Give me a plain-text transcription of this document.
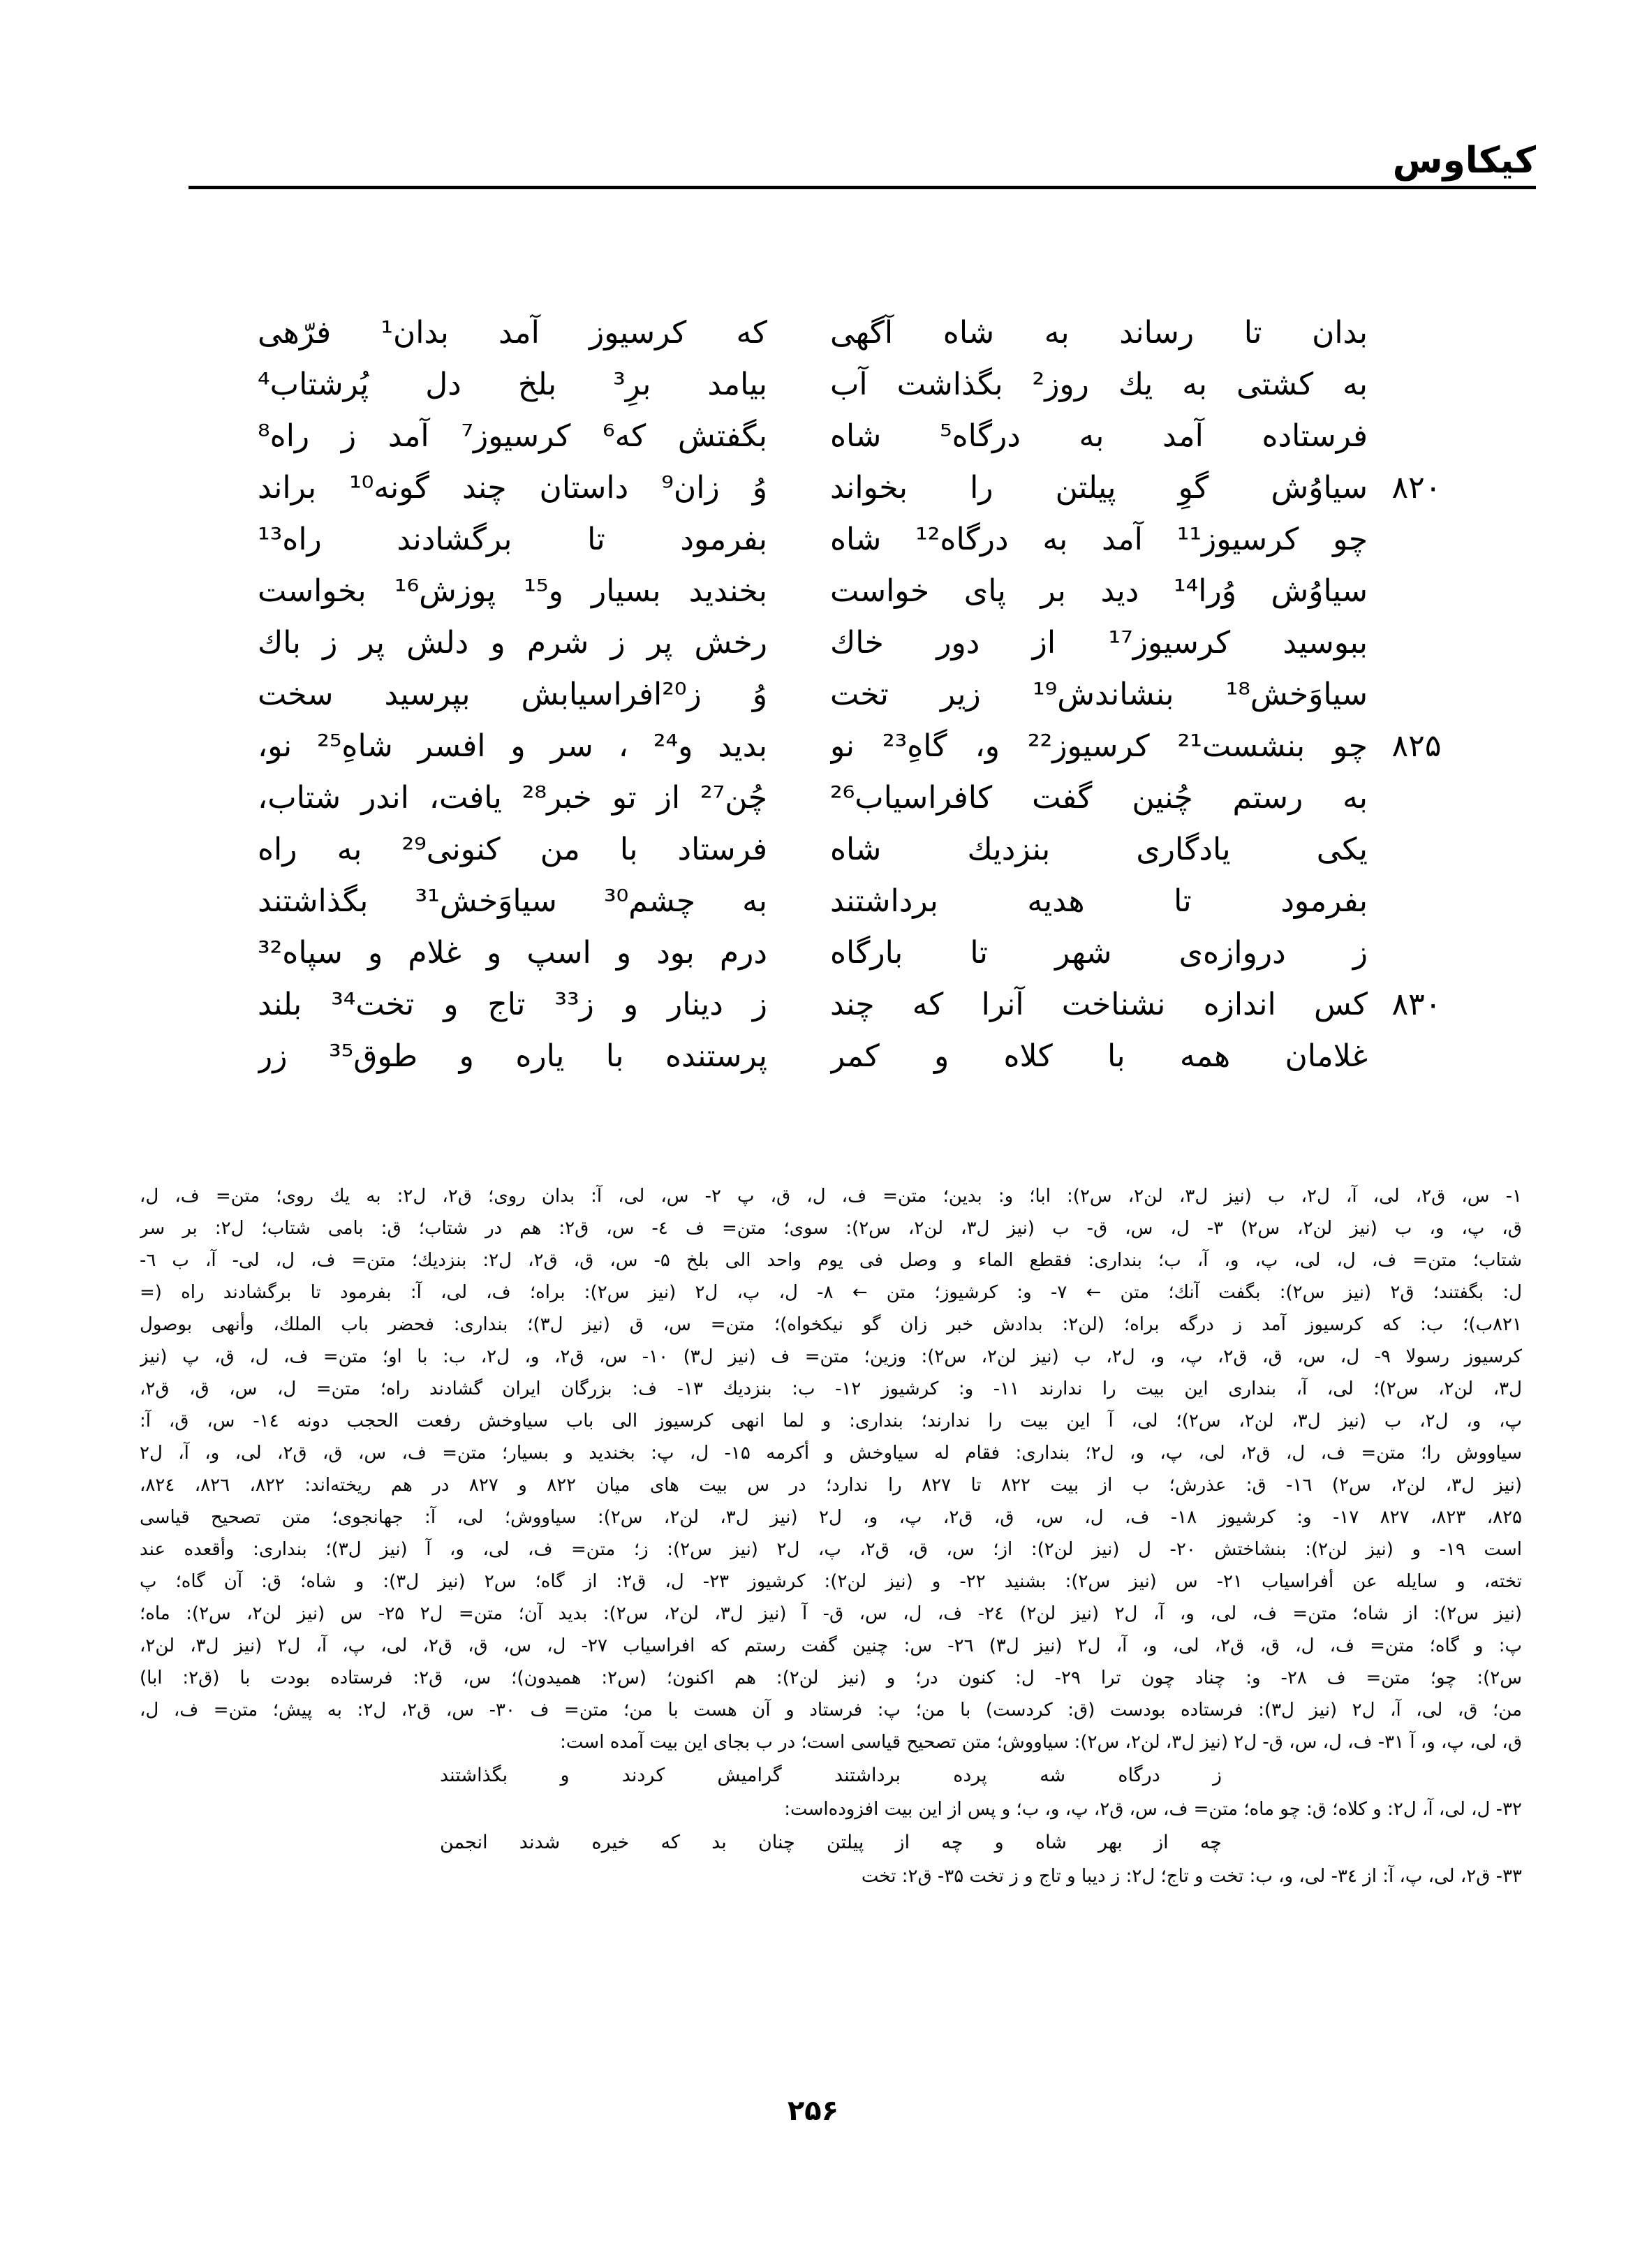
کیکاوس
بدان تا رساند به شاه آگهی
به کشتی به یك روز² بگذاشت آب
فرستاده آمد به درگاه⁵ شاه
سیاوُش گوِ پیلتن را بخواند
چو کرسیوز¹¹ آمد به درگاه¹² شاه
سیاوُش وُرا¹⁴ دید بر پای خواست
ببوسید کرسیوز¹⁷ از دور خاك
سیاوَخش¹⁸ بنشاندش¹⁹ زیر تخت
چو بنشست²¹ کرسیوز²² و، گاهِ²³ نو
به رستم چُنین گفت کافراسیاب²⁶
یکی یادگاری بنزدیك شاه
بفرمود تا هدیه برداشتند
ز دروازه‌ی شهر تا بارگاه
کس اندازه نشناخت آنرا که چند
غلامان همه با کلاه و کمر
۸۲۰
۸۲۵
۸۳۰
که کرسیوز آمد بدان¹ فرّهی
بیامد برِ³ بلخ دل پُرشتاب⁴
بگفتش که⁶ کرسیوز⁷ آمد ز راه⁸
وُ زان⁹ داستان چند گونه¹⁰ براند
بفرمود تا برگشادند راه¹³
بخندید بسیار و¹⁵ پوزش¹⁶ بخواست
رخش پر ز شرم و دلش پر ز باك
وُ ز²⁰افراسیابش بپرسید سخت
بدید و²⁴ ، سر و افسر شاهِ²⁵ نو،
چُن²⁷ از تو خبر²⁸ یافت، اندر شتاب،
فرستاد با من کنونی²⁹ به راه
به چشم³⁰ سیاوَخش³¹ بگذاشتند
درم بود و اسپ و غلام و سپاه³²
ز دینار و ز³³ تاج و تخت³⁴ بلند
پرستنده با یاره و طوق³⁵ زر
۱- س، ق۲، لی، آ، ل۲، ب (نیز ل۳، لن۲، س۲): ابا؛ و: بدین؛ متن= ف، ل، ق، پ ۲- س، لی، آ: بدان روی؛ ق۲، ل۲: به یك روی؛ متن= ف، ل،
ق، پ، و، ب (نیز لن۲، س۲) ۳- ل، س، ق- ب (نیز ل۳، لن۲، س۲): سوی؛ متن= ف ٤- س، ق۲: هم در شتاب؛ ق: بامی شتاب؛ ل۲: بر سر
شتاب؛ متن= ف، ل، لی، پ، و، آ، ب؛ بنداری: فقطع الماء و وصل فی یوم واحد الی بلخ ۵- س، ق، ق۲، ل۲: بنزدیك؛ متن= ف، ل، لی- آ، ب ٦-
ل: بگفتند؛ ق۲ (نیز س۲): بگفت آنك؛ متن ← ۷- و: کرشیوز؛ متن ← ۸- ل، پ، ل۲ (نیز س۲): براه؛ ف، لی، آ: بفرمود تا برگشادند راه (=
۸۲۱ب)؛ ب: که کرسیوز آمد ز درگه براه؛ (لن۲: بدادش خبر زان گو نیکخواه)؛ متن= س، ق (نیز ل۳)؛ بنداری: فحضر باب الملك، وأنهی بوصول
کرسیوز رسولا ۹- ل، س، ق، ق۲، پ، و، ل۲، ب (نیز لن۲، س۲): وزین؛ متن= ف (نیز ل۳) ۱۰- س، ق۲، و، ل۲، ب: با او؛ متن= ف، ل، ق، پ (نیز
ل۳، لن۲، س۲)؛ لی، آ، بنداری این بیت را ندارند ۱۱- و: کرشیوز ۱۲- ب: بنزدیك ۱۳- ف: بزرگان ایران گشادند راه؛ متن= ل، س، ق، ق۲،
پ، و، ل۲، ب (نیز ل۳، لن۲، س۲)؛ لی، آ این بیت را ندارند؛ بنداری: و لما انهی کرسیوز الی باب سیاوخش رفعت الحجب دونه ١٤- س، ق، آ:
سیاووش را؛ متن= ف، ل، ق۲، لی، پ، و، ل۲؛ بنداری: فقام له سیاوخش و أکرمه ۱۵- ل، پ: بخندید و بسیار؛ متن= ف، س، ق، ق۲، لی، و، آ، ل۲
(نیز ل۳، لن۲، س۲) ۱٦- ق: عذرش؛ ب از بیت ۸۲۲ تا ۸۲۷ را ندارد؛ در س بیت های میان ۸۲۲ و ۸۲۷ در هم ریخته‌اند: ۸۲۲، ۸۲٦، ۸۲٤،
۸۲۵، ۸۲۳، ۸۲۷ ۱۷- و: کرشیوز ۱۸- ف، ل، س، ق، ق۲، پ، و، ل۲ (نیز ل۳، لن۲، س۲): سیاووش؛ لی، آ: جهانجوی؛ متن تصحیح قیاسی
است ۱۹- و (نیز لن۲): بنشاختش ۲۰- ل (نیز لن۲): از؛ س، ق، ق۲، پ، ل۲ (نیز س۲): ز؛ متن= ف، لی، و، آ (نیز ل۳)؛ بنداری: وأقعده عند
تخته، و سایله عن أفراسیاب ۲۱- س (نیز س۲): بشنید ۲۲- و (نیز لن۲): کرشیوز ۲۳- ل، ق۲: از گاه؛ س۲ (نیز ل۳): و شاه؛ ق: آن گاه؛ پ
(نیز س۲): از شاه؛ متن= ف، لی، و، آ، ل۲ (نیز لن۲) ٢٤- ف، ل، س، ق- آ (نیز ل۳، لن۲، س۲): بدید آن؛ متن= ل۲ ۲۵- س (نیز لن۲، س۲): ماه؛
پ: و گاه؛ متن= ف، ل، ق، ق۲، لی، و، آ، ل۲ (نیز ل۳) ۲٦- س: چنین گفت رستم که افراسیاب ۲۷- ل، س، ق، ق۲، لی، پ، آ، ل۲ (نیز ل۳، لن۲،
س۲): چو؛ متن= ف ۲۸- و: چناد چون ترا ۲۹- ل: کنون در؛ و (نیز لن۲): هم اکنون؛ (س۲: همیدون)؛ س، ق۲: فرستاده بودت با (ق۲: ابا)
من؛ ق، لی، آ، ل۲ (نیز ل۳): فرستاده بودست (ق: کردست) با من؛ پ: فرستاد و آن هست با من؛ متن= ف ۳۰- س، ق۲، ل۲: به پیش؛ متن= ف، ل،
ق، لی، پ، و، آ ۳۱- ف، ل، س، ق- ل۲ (نیز ل۳، لن۲، س۲): سیاووش؛ متن تصحیح قیاسی است؛ در ب بجای این بیت آمده است:
ز درگاه شه پرده برداشتند گرامیش کردند و بگذاشتند
۳۲- ل، لی، آ، ل۲: و کلاه؛ ق: چو ماه؛ متن= ف، س، ق۲، پ، و، ب؛ و پس از این بیت افزوده‌است:
چه از بهر شاه و چه از پیلتن چنان بد که خیره شدند انجمن
۳۳- ق۲، لی، پ، آ: از ٣٤- لی، و، ب: تخت و تاج؛ ل۲: ز دیبا و تاج و ز تخت ۳۵- ق۲: تخت
۲۵۶
